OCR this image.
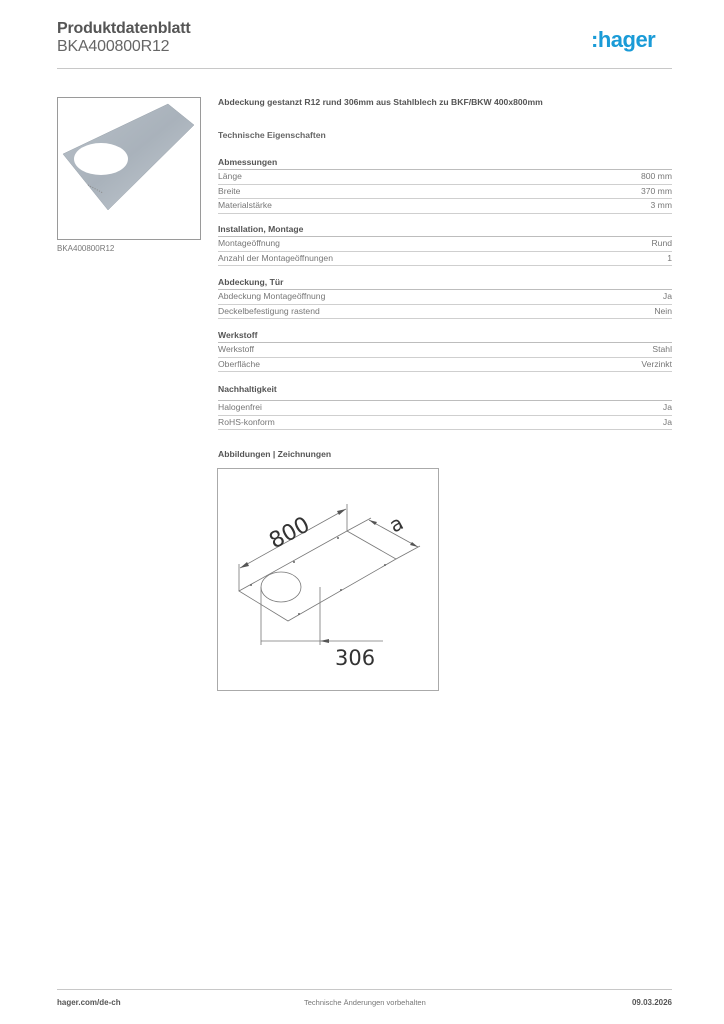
Produktdatenblatt
BKA400800R12	:hager
BKA400800R12
Abdeckung gestanzt R12 rund 306mm aus Stahlblech zu BKF/BKW 400x800mm
Technische Eigenschaften
Abmessungen
Länge	800 mm
Breite	370 mm
Materialstärke	3 mm
Installation, Montage
Montageöffnung	Rund
Anzahl der Montageöffnungen	1
Abdeckung, Tür
Abdeckung Montageöffnung	Ja
Deckelbefestigung rastend	Nein
Werkstoff
Werkstoff	Stahl
Oberfläche	Verzinkt
Nachhaltigkeit
Halogenfrei	Ja
RoHS-konform	Ja
Abbildungen | Zeichnungen
800	a
306
hager.com/de-ch	Technische Änderungen vorbehalten	09.03.2026
